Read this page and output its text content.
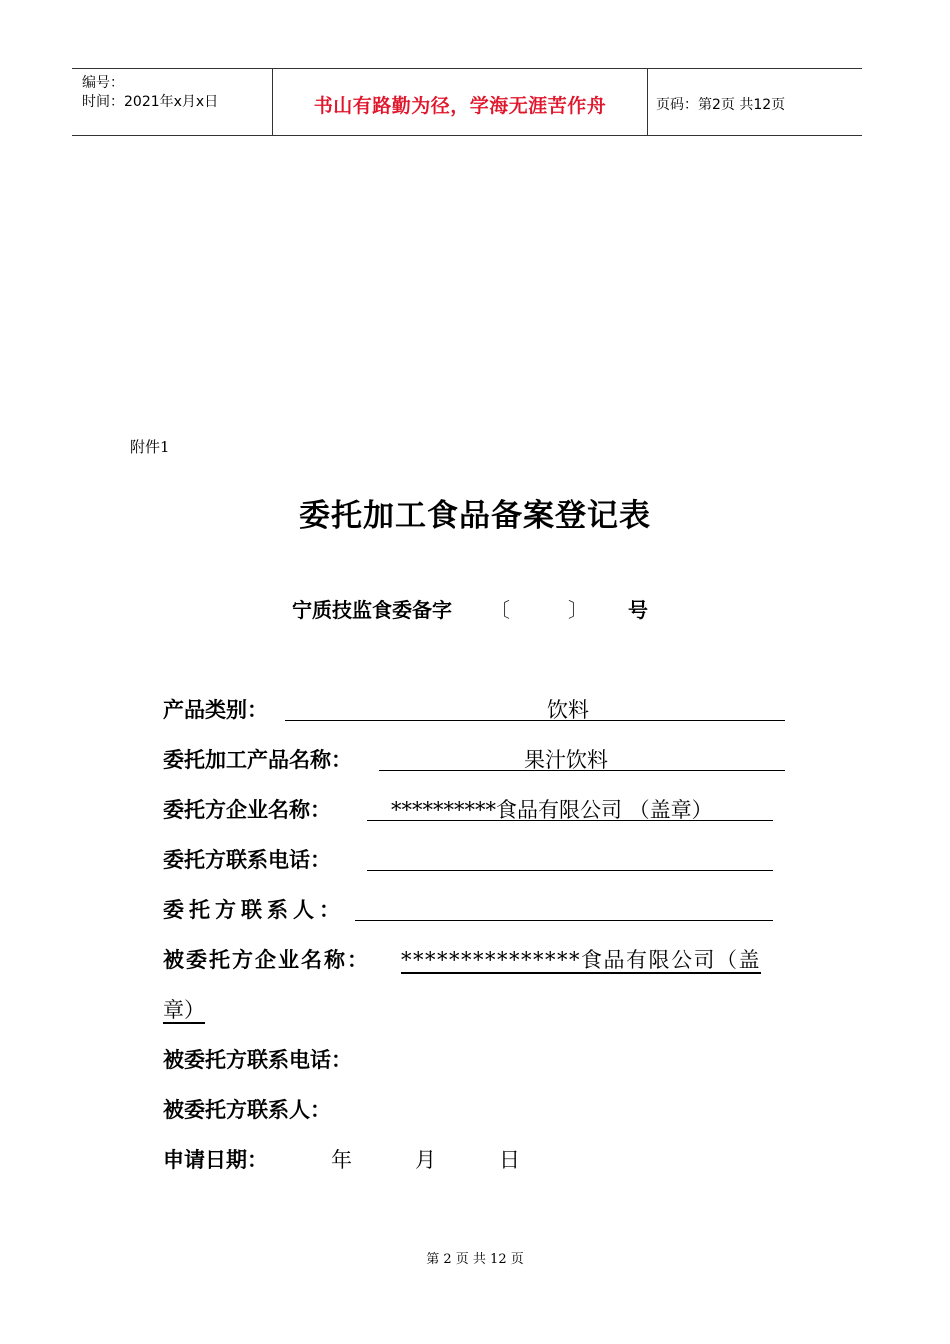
编号：
时间：2021年x月x日	书山有路勤为径，学海无涯苦作舟	页码：第2页 共12页
附件1
委托加工食品备案登记表
宁质技监食委备字 〔	〕 号
产品类别：	饮料
委托加工产品名称：	果汁饮料
委托方企业名称：	**********食品有限公司 （盖章）
委托方联系电话：
委托方联系人：
被委托方企业名称： ***************食品有限公司（盖
章）
被委托方联系电话：
被委托方联系人：
申请日期：	年	月	日
第 2 页 共 12 页
